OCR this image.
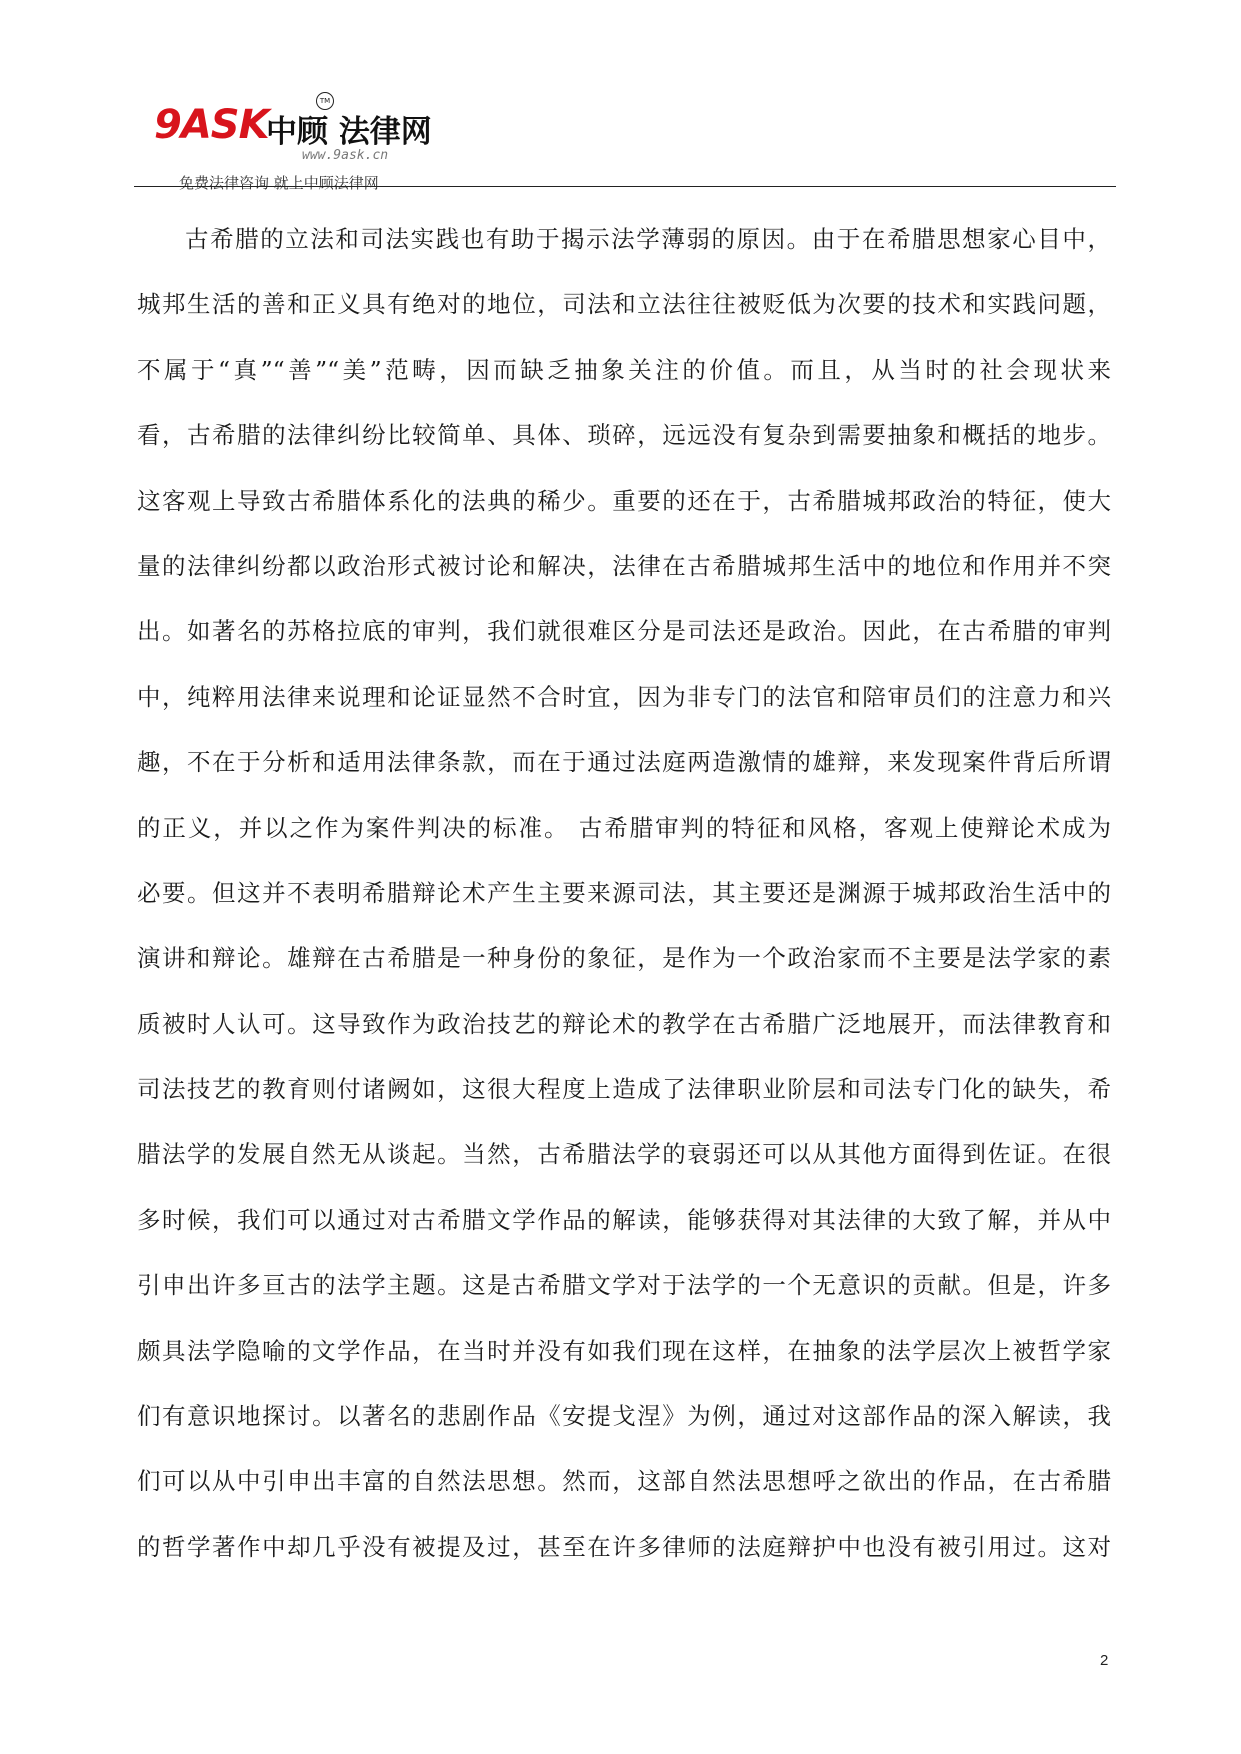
9ASK
中顾 法律网
TM
www.9ask.cn
免费法律咨询 就上中顾法律网
古希腊的立法和司法实践也有助于揭示法学薄弱的原因。由于在希腊思想家心目中，
城邦生活的善和正义具有绝对的地位，司法和立法往往被贬低为次要的技术和实践问题，
不属于“真”“善”“美”范畴，因而缺乏抽象关注的价值。而且，从当时的社会现状来
看，古希腊的法律纠纷比较简单、具体、琐碎，远远没有复杂到需要抽象和概括的地步。
这客观上导致古希腊体系化的法典的稀少。重要的还在于，古希腊城邦政治的特征，使大
量的法律纠纷都以政治形式被讨论和解决，法律在古希腊城邦生活中的地位和作用并不突
出。如著名的苏格拉底的审判，我们就很难区分是司法还是政治。因此，在古希腊的审判
中，纯粹用法律来说理和论证显然不合时宜，因为非专门的法官和陪审员们的注意力和兴
趣，不在于分析和适用法律条款，而在于通过法庭两造激情的雄辩，来发现案件背后所谓
的正义，并以之作为案件判决的标准。 古希腊审判的特征和风格，客观上使辩论术成为
必要。但这并不表明希腊辩论术产生主要来源司法，其主要还是渊源于城邦政治生活中的
演讲和辩论。雄辩在古希腊是一种身份的象征，是作为一个政治家而不主要是法学家的素
质被时人认可。这导致作为政治技艺的辩论术的教学在古希腊广泛地展开，而法律教育和
司法技艺的教育则付诸阙如，这很大程度上造成了法律职业阶层和司法专门化的缺失，希
腊法学的发展自然无从谈起。当然，古希腊法学的衰弱还可以从其他方面得到佐证。在很
多时候，我们可以通过对古希腊文学作品的解读，能够获得对其法律的大致了解，并从中
引申出许多亘古的法学主题。这是古希腊文学对于法学的一个无意识的贡献。但是，许多
颇具法学隐喻的文学作品，在当时并没有如我们现在这样，在抽象的法学层次上被哲学家
们有意识地探讨。以著名的悲剧作品《安提戈涅》为例，通过对这部作品的深入解读，我
们可以从中引申出丰富的自然法思想。然而，这部自然法思想呼之欲出的作品，在古希腊
的哲学著作中却几乎没有被提及过，甚至在许多律师的法庭辩护中也没有被引用过。这对
2
